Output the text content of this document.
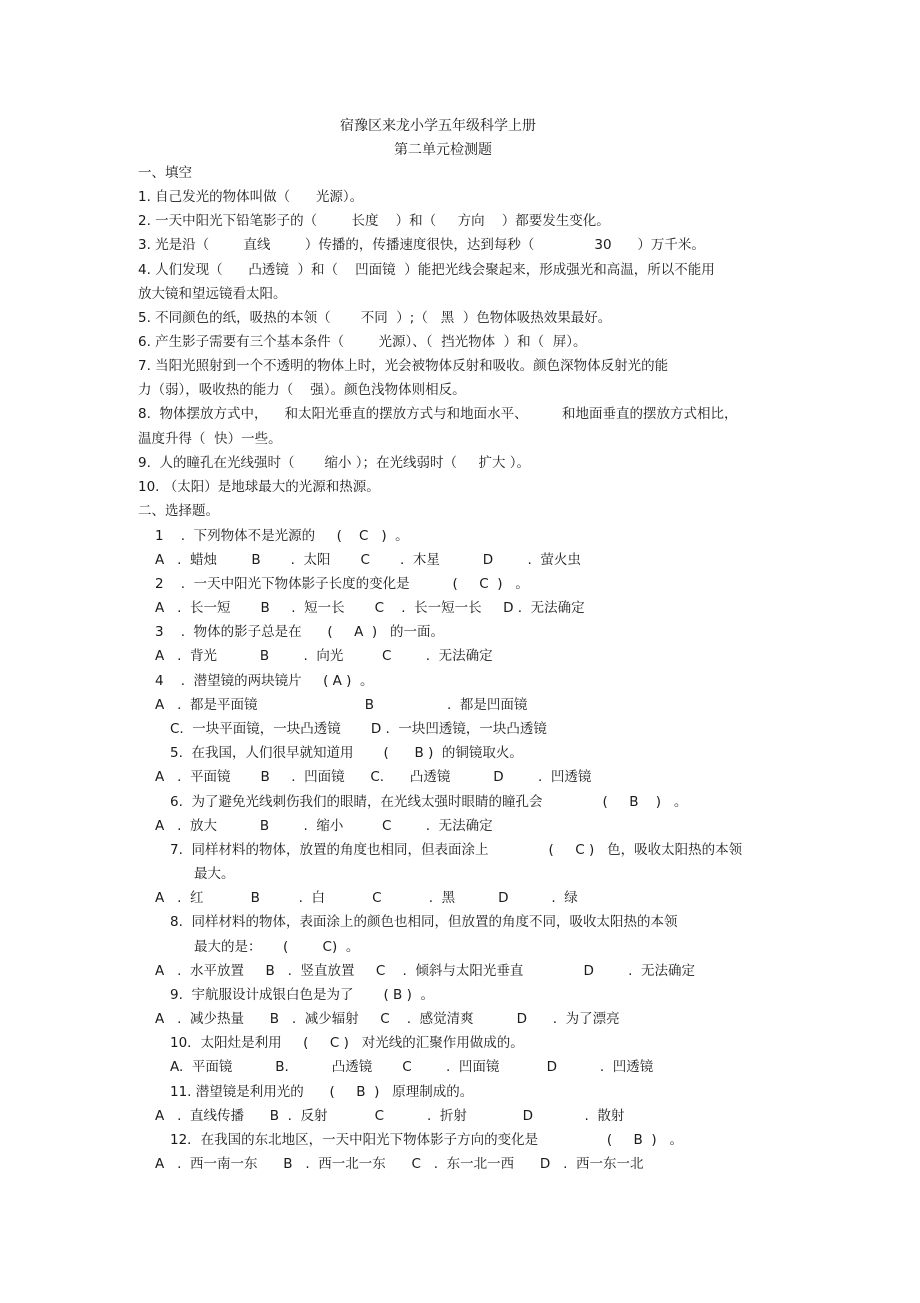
宿豫区来龙小学五年级科学上册
第二单元检测题
一、填空
1. 自己发光的物体叫做（      光源）。
2. 一天中阳光下铅笔影子的（        长度    ）和（     方向    ）都要发生变化。
3. 光是沿（        直线        ）传播的，传播速度很快，达到每秒（              30      ）万千米。
4. 人们发现（      凸透镜  ）和（    凹面镜  ）能把光线会聚起来，形成强光和高温，所以不能用
放大镜和望远镜看太阳。
5. 不同颜色的纸，吸热的本领（       不同  ）;（   黑  ）色物体吸热效果最好。
6. 产生影子需要有三个基本条件（        光源）、（  挡光物体  ）和（  屏）。
7. 当阳光照射到一个不透明的物体上时，光会被物体反射和吸收。颜色深物体反射光的能
力（弱），吸收热的能力（    强）。颜色浅物体则相反。
8.  物体摆放方式中，    和太阳光垂直的摆放方式与和地面水平、        和地面垂直的摆放方式相比，
温度升得（  快）一些。
9.  人的瞳孔在光线强时（       缩小 ）；在光线弱时（     扩大 ）。
10. （太阳）是地球最大的光源和热源。
二、选择题。
1    .  下列物体不是光源的     (    C   )  。
A   .  蜡烛        B       .  太阳       C       .  木星          D        .  萤火虫
2    .  一天中阳光下物体影子长度的变化是          (     C  )   。
A   .  长一短       B     .  短一长       C    .  长一短一长     D .  无法确定
3    .  物体的影子总是在      (     A  )   的一面。
A   .  背光          B        .  向光         C        .  无法确定
4    .  潜望镜的两块镜片     ( A )  。
A   .  都是平面镜                         B                 .  都是凹面镜
C.  一块平面镜，一块凸透镜       D .  一块凹透镜，一块凸透镜
5.  在我国，人们很早就知道用       (      B )  的铜镜取火。
A   .  平面镜       B     .  凹面镜      C.      凸透镜          D        .  凹透镜
6.  为了避免光线刺伤我们的眼睛，在光线太强时眼睛的瞳孔会              (     B    )   。
A   .  放大          B        .  缩小         C        .  无法确定
7.  同样材料的物体，放置的角度也相同，但表面涂上              (     C )   色，吸收太阳热的本领
最大。
A   .  红           B         .  白           C           .  黑          D          .  绿
8.  同样材料的物体，表面涂上的颜色也相同，但放置的角度不同，吸收太阳热的本领
最大的是：     (        C)  。
A   .  水平放置     B   .  竖直放置     C    .  倾斜与太阳光垂直              D        .  无法确定
9.  宇航服设计成银白色是为了       ( B )  。
A   .  减少热量      B   .  减少辐射     C    .  感觉清爽          D      .  为了漂亮
10．太阳灶是利用     (     C )   对光线的汇聚作用做成的。
A.  平面镜          B.          凸透镜       C        .  凹面镜           D          .  凹透镜
11. 潜望镜是利用光的      (     B  )   原理制成的。
A   .  直线传播      B  .  反射           C          .  折射             D            .  散射
12．在我国的东北地区，一天中阳光下物体影子方向的变化是                (     B  )   。
A   .  西一南一东      B   .  西一北一东      C   .  东一北一西      D   .  西一东一北
